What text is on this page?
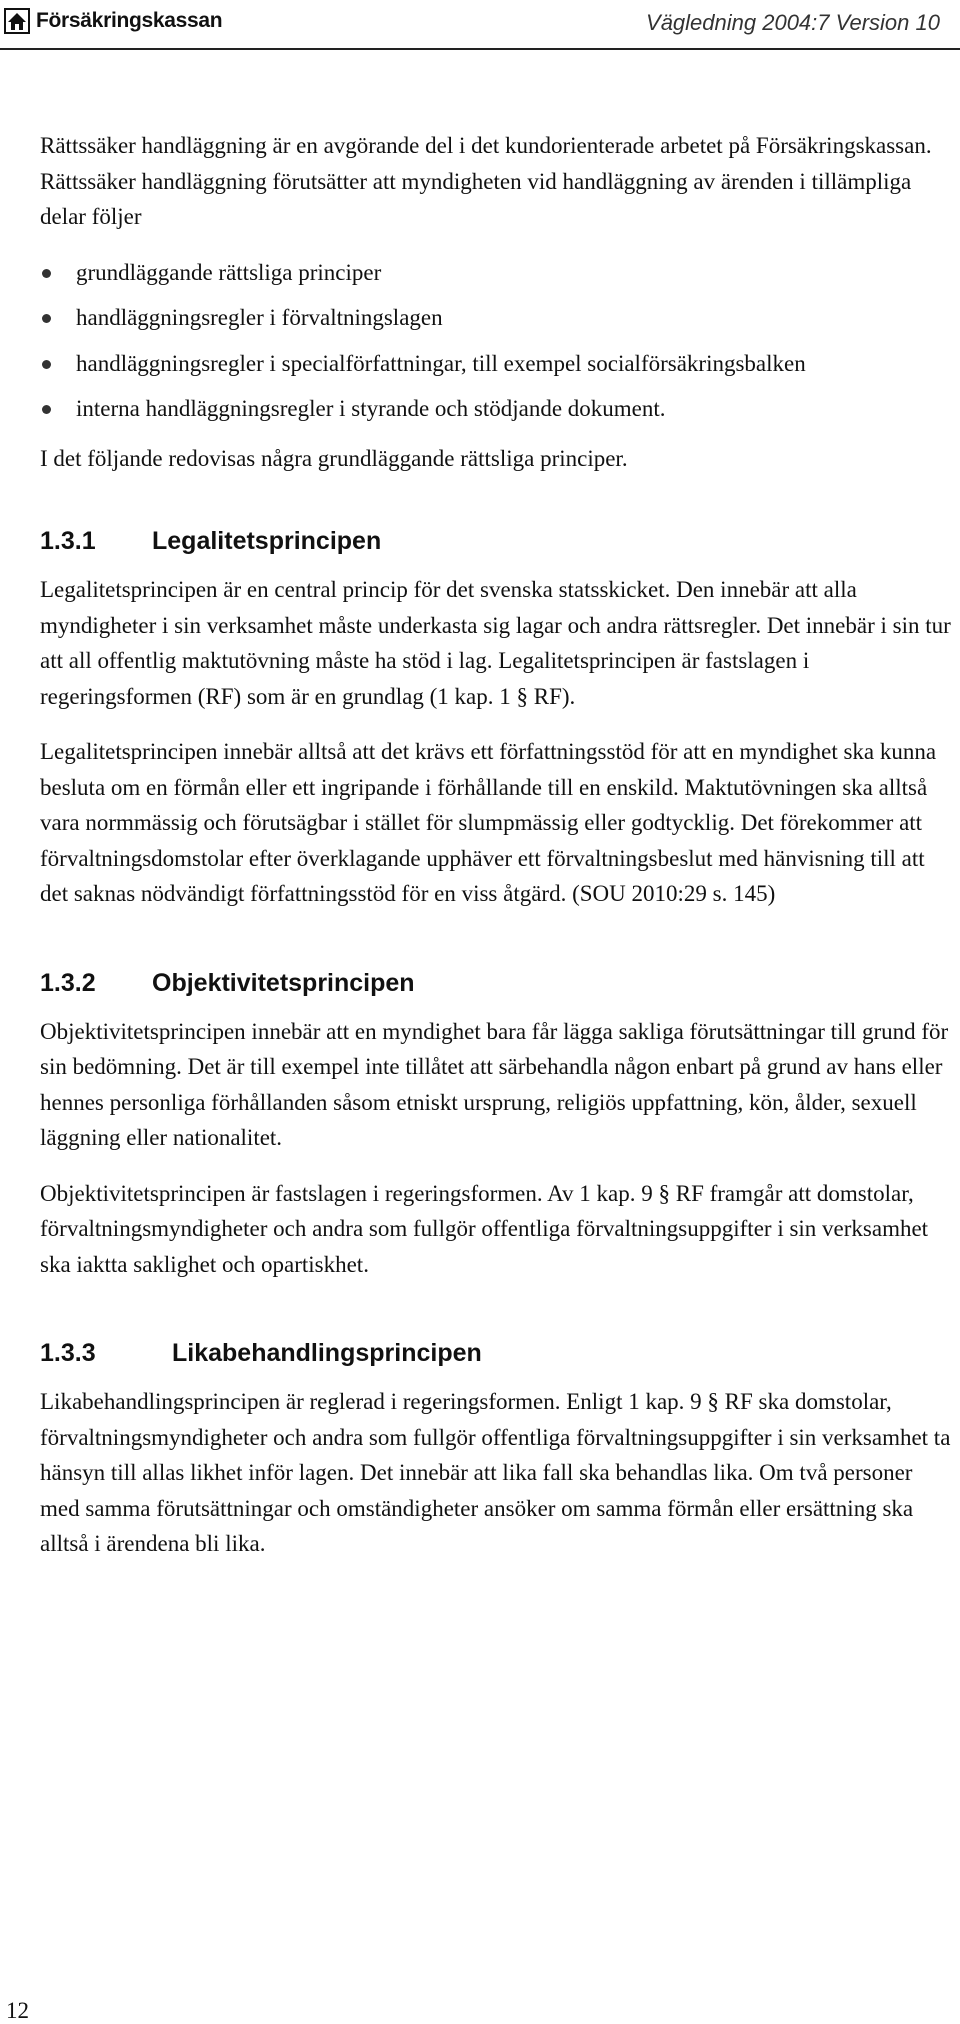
Försäkringskassan	Vägledning 2004:7 Version 10

Rättssäker handläggning är en avgörande del i det kundorienterade arbetet på Försäkringskassan. Rättssäker handläggning förutsätter att myndigheten vid handläggning av ärenden i tillämpliga delar följer

grundläggande rättsliga principer
handläggningsregler i förvaltningslagen
handläggningsregler i specialförfattningar, till exempel socialförsäkringsbalken
interna handläggningsregler i styrande och stödjande dokument.

I det följande redovisas några grundläggande rättsliga principer.

1.3.1	Legalitetsprincipen

Legalitetsprincipen är en central princip för det svenska statsskicket. Den innebär att alla myndigheter i sin verksamhet måste underkasta sig lagar och andra rättsregler. Det innebär i sin tur att all offentlig maktutövning måste ha stöd i lag. Legalitetsprincipen är fastslagen i regeringsformen (RF) som är en grundlag (1 kap. 1 § RF).

Legalitetsprincipen innebär alltså att det krävs ett författningsstöd för att en myndighet ska kunna besluta om en förmån eller ett ingripande i förhållande till en enskild. Maktutövningen ska alltså vara normmässig och förutsägbar i stället för slumpmässig eller godtycklig. Det förekommer att förvaltningsdomstolar efter överklagande upphäver ett förvaltningsbeslut med hänvisning till att det saknas nödvändigt författningsstöd för en viss åtgärd. (SOU 2010:29 s. 145)

1.3.2	Objektivitetsprincipen

Objektivitetsprincipen innebär att en myndighet bara får lägga sakliga förutsättningar till grund för sin bedömning. Det är till exempel inte tillåtet att särbehandla någon enbart på grund av hans eller hennes personliga förhållanden såsom etniskt ursprung, religiös uppfattning, kön, ålder, sexuell läggning eller nationalitet.

Objektivitetsprincipen är fastslagen i regeringsformen. Av 1 kap. 9 § RF framgår att domstolar, förvaltningsmyndigheter och andra som fullgör offentliga förvaltningsuppgifter i sin verksamhet ska iaktta saklighet och opartiskhet.

1.3.3	Likabehandlingsprincipen

Likabehandlingsprincipen är reglerad i regeringsformen. Enligt 1 kap. 9 § RF ska domstolar, förvaltningsmyndigheter och andra som fullgör offentliga förvaltningsuppgifter i sin verksamhet ta hänsyn till allas likhet inför lagen. Det innebär att lika fall ska behandlas lika. Om två personer med samma förutsättningar och omständigheter ansöker om samma förmån eller ersättning ska alltså i ärendena bli lika.

12
